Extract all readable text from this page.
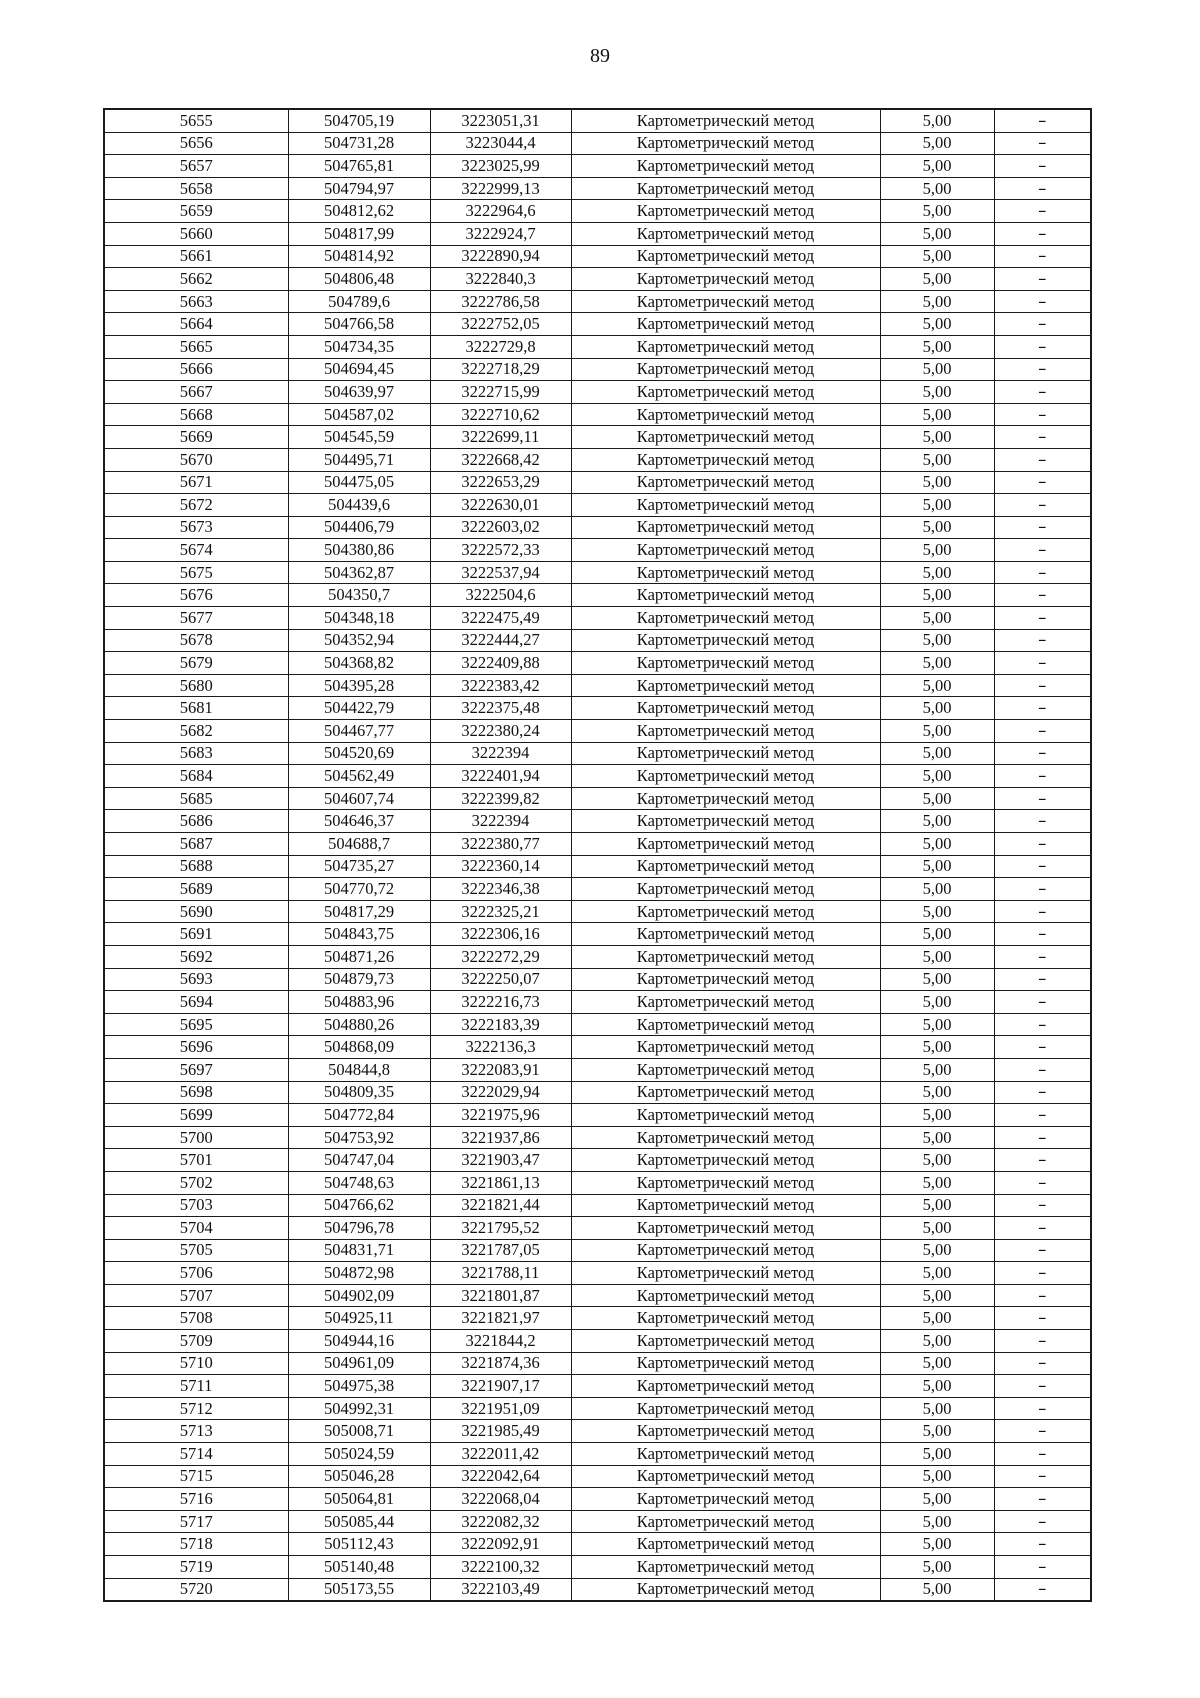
89
5655	504705,19	3223051,31	Картометрический метод	5,00	–
5656	504731,28	3223044,4	Картометрический метод	5,00	–
5657	504765,81	3223025,99	Картометрический метод	5,00	–
5658	504794,97	3222999,13	Картометрический метод	5,00	–
5659	504812,62	3222964,6	Картометрический метод	5,00	–
5660	504817,99	3222924,7	Картометрический метод	5,00	–
5661	504814,92	3222890,94	Картометрический метод	5,00	–
5662	504806,48	3222840,3	Картометрический метод	5,00	–
5663	504789,6	3222786,58	Картометрический метод	5,00	–
5664	504766,58	3222752,05	Картометрический метод	5,00	–
5665	504734,35	3222729,8	Картометрический метод	5,00	–
5666	504694,45	3222718,29	Картометрический метод	5,00	–
5667	504639,97	3222715,99	Картометрический метод	5,00	–
5668	504587,02	3222710,62	Картометрический метод	5,00	–
5669	504545,59	3222699,11	Картометрический метод	5,00	–
5670	504495,71	3222668,42	Картометрический метод	5,00	–
5671	504475,05	3222653,29	Картометрический метод	5,00	–
5672	504439,6	3222630,01	Картометрический метод	5,00	–
5673	504406,79	3222603,02	Картометрический метод	5,00	–
5674	504380,86	3222572,33	Картометрический метод	5,00	–
5675	504362,87	3222537,94	Картометрический метод	5,00	–
5676	504350,7	3222504,6	Картометрический метод	5,00	–
5677	504348,18	3222475,49	Картометрический метод	5,00	–
5678	504352,94	3222444,27	Картометрический метод	5,00	–
5679	504368,82	3222409,88	Картометрический метод	5,00	–
5680	504395,28	3222383,42	Картометрический метод	5,00	–
5681	504422,79	3222375,48	Картометрический метод	5,00	–
5682	504467,77	3222380,24	Картометрический метод	5,00	–
5683	504520,69	3222394	Картометрический метод	5,00	–
5684	504562,49	3222401,94	Картометрический метод	5,00	–
5685	504607,74	3222399,82	Картометрический метод	5,00	–
5686	504646,37	3222394	Картометрический метод	5,00	–
5687	504688,7	3222380,77	Картометрический метод	5,00	–
5688	504735,27	3222360,14	Картометрический метод	5,00	–
5689	504770,72	3222346,38	Картометрический метод	5,00	–
5690	504817,29	3222325,21	Картометрический метод	5,00	–
5691	504843,75	3222306,16	Картометрический метод	5,00	–
5692	504871,26	3222272,29	Картометрический метод	5,00	–
5693	504879,73	3222250,07	Картометрический метод	5,00	–
5694	504883,96	3222216,73	Картометрический метод	5,00	–
5695	504880,26	3222183,39	Картометрический метод	5,00	–
5696	504868,09	3222136,3	Картометрический метод	5,00	–
5697	504844,8	3222083,91	Картометрический метод	5,00	–
5698	504809,35	3222029,94	Картометрический метод	5,00	–
5699	504772,84	3221975,96	Картометрический метод	5,00	–
5700	504753,92	3221937,86	Картометрический метод	5,00	–
5701	504747,04	3221903,47	Картометрический метод	5,00	–
5702	504748,63	3221861,13	Картометрический метод	5,00	–
5703	504766,62	3221821,44	Картометрический метод	5,00	–
5704	504796,78	3221795,52	Картометрический метод	5,00	–
5705	504831,71	3221787,05	Картометрический метод	5,00	–
5706	504872,98	3221788,11	Картометрический метод	5,00	–
5707	504902,09	3221801,87	Картометрический метод	5,00	–
5708	504925,11	3221821,97	Картометрический метод	5,00	–
5709	504944,16	3221844,2	Картометрический метод	5,00	–
5710	504961,09	3221874,36	Картометрический метод	5,00	–
5711	504975,38	3221907,17	Картометрический метод	5,00	–
5712	504992,31	3221951,09	Картометрический метод	5,00	–
5713	505008,71	3221985,49	Картометрический метод	5,00	–
5714	505024,59	3222011,42	Картометрический метод	5,00	–
5715	505046,28	3222042,64	Картометрический метод	5,00	–
5716	505064,81	3222068,04	Картометрический метод	5,00	–
5717	505085,44	3222082,32	Картометрический метод	5,00	–
5718	505112,43	3222092,91	Картометрический метод	5,00	–
5719	505140,48	3222100,32	Картометрический метод	5,00	–
5720	505173,55	3222103,49	Картометрический метод	5,00	–
